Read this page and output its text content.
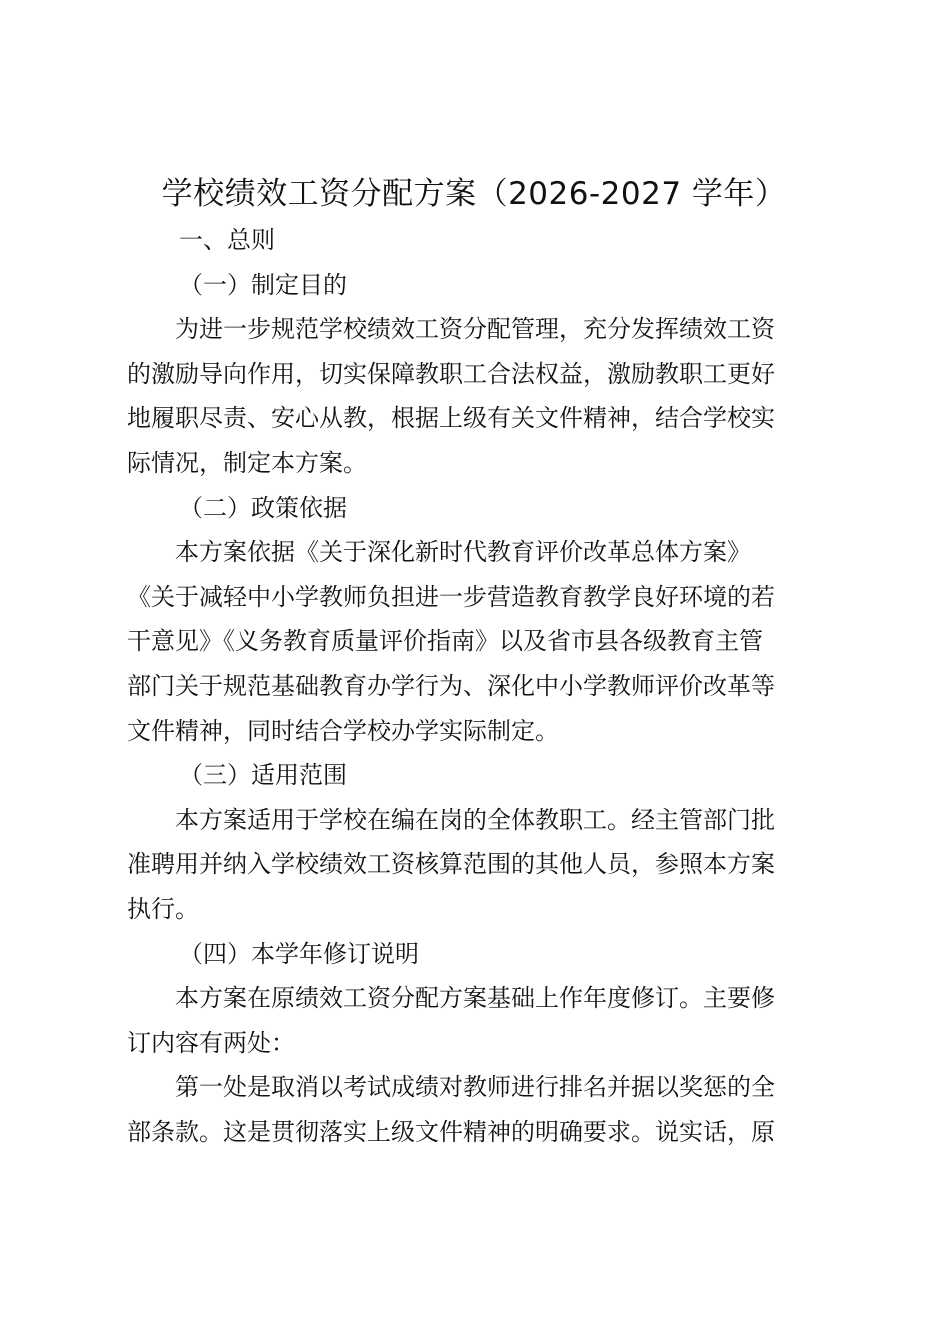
学校绩效工资分配方案（2026-2027 学年）

一、总则

（一）制定目的

为进一步规范学校绩效工资分配管理，充分发挥绩效工资

的激励导向作用，切实保障教职工合法权益，激励教职工更好

地履职尽责、安心从教，根据上级有关文件精神，结合学校实

际情况，制定本方案。

（二）政策依据

本方案依据《关于深化新时代教育评价改革总体方案》

《关于减轻中小学教师负担进一步营造教育教学良好环境的若

干意见》《义务教育质量评价指南》以及省市县各级教育主管

部门关于规范基础教育办学行为、深化中小学教师评价改革等

文件精神，同时结合学校办学实际制定。

（三）适用范围

本方案适用于学校在编在岗的全体教职工。经主管部门批

准聘用并纳入学校绩效工资核算范围的其他人员，参照本方案

执行。

（四）本学年修订说明

本方案在原绩效工资分配方案基础上作年度修订。主要修

订内容有两处：

第一处是取消以考试成绩对教师进行排名并据以奖惩的全

部条款。这是贯彻落实上级文件精神的明确要求。说实话，原
